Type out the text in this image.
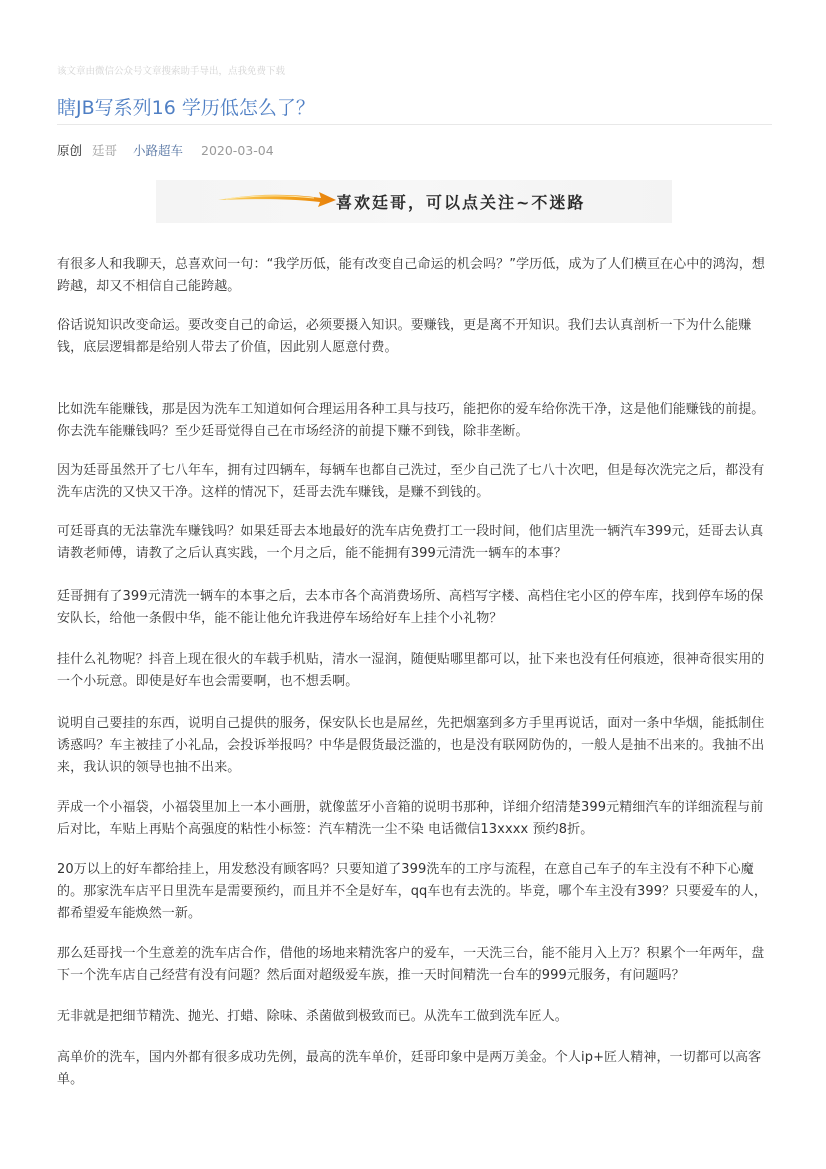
该文章由微信公众号文章搜索助手导出，点我免费下载
瞎JB写系列16 学历低怎么了？
原创 廷哥 小路超车 2020-03-04
喜欢廷哥，可以点关注~不迷路

有很多人和我聊天，总喜欢问一句：“我学历低，能有改变自己命运的机会吗？”学历低，成为了人们横亘在心中的鸿沟，想跨越，却又不相信自己能跨越。

俗话说知识改变命运。要改变自己的命运，必须要摄入知识。要赚钱，更是离不开知识。我们去认真剖析一下为什么能赚钱，底层逻辑都是给别人带去了价值，因此别人愿意付费。

比如洗车能赚钱，那是因为洗车工知道如何合理运用各种工具与技巧，能把你的爱车给你洗干净，这是他们能赚钱的前提。你去洗车能赚钱吗？至少廷哥觉得自己在市场经济的前提下赚不到钱，除非垄断。

因为廷哥虽然开了七八年车，拥有过四辆车，每辆车也都自己洗过，至少自己洗了七八十次吧，但是每次洗完之后，都没有洗车店洗的又快又干净。这样的情况下，廷哥去洗车赚钱，是赚不到钱的。

可廷哥真的无法靠洗车赚钱吗？如果廷哥去本地最好的洗车店免费打工一段时间，他们店里洗一辆汽车399元，廷哥去认真请教老师傅，请教了之后认真实践，一个月之后，能不能拥有399元清洗一辆车的本事？

廷哥拥有了399元清洗一辆车的本事之后，去本市各个高消费场所、高档写字楼、高档住宅小区的停车库，找到停车场的保安队长，给他一条假中华，能不能让他允许我进停车场给好车上挂个小礼物？

挂什么礼物呢？抖音上现在很火的车载手机贴，清水一湿润，随便贴哪里都可以，扯下来也没有任何痕迹，很神奇很实用的一个小玩意。即使是好车也会需要啊，也不想丢啊。

说明自己要挂的东西，说明自己提供的服务，保安队长也是屌丝，先把烟塞到多方手里再说话，面对一条中华烟，能抵制住诱惑吗？车主被挂了小礼品，会投诉举报吗？中华是假货最泛滥的，也是没有联网防伪的，一般人是抽不出来的。我抽不出来，我认识的领导也抽不出来。

弄成一个小福袋，小福袋里加上一本小画册，就像蓝牙小音箱的说明书那种，详细介绍清楚399元精细汽车的详细流程与前后对比，车贴上再贴个高强度的粘性小标签：汽车精洗一尘不染 电话微信13xxxx 预约8折。

20万以上的好车都给挂上，用发愁没有顾客吗？只要知道了399洗车的工序与流程，在意自己车子的车主没有不种下心魔的。那家洗车店平日里洗车是需要预约，而且并不全是好车，qq车也有去洗的。毕竟，哪个车主没有399？只要爱车的人，都希望爱车能焕然一新。

那么廷哥找一个生意差的洗车店合作，借他的场地来精洗客户的爱车，一天洗三台，能不能月入上万？积累个一年两年，盘下一个洗车店自己经营有没有问题？然后面对超级爱车族，推一天时间精洗一台车的999元服务，有问题吗？

无非就是把细节精洗、抛光、打蜡、除味、杀菌做到极致而已。从洗车工做到洗车匠人。

高单价的洗车，国内外都有很多成功先例，最高的洗车单价，廷哥印象中是两万美金。个人ip+匠人精神，一切都可以高客单。
